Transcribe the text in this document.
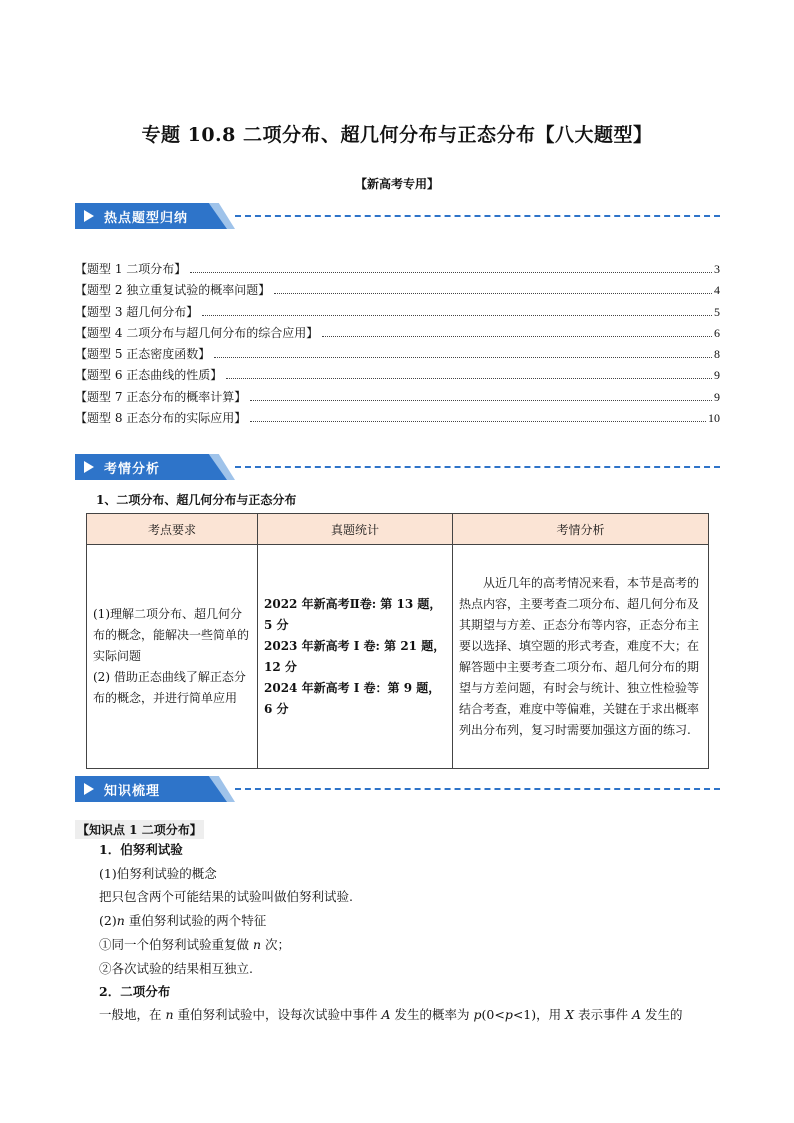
专题 10.8 二项分布、超几何分布与正态分布【八大题型】
【新高考专用】
热点题型归纳
【题型 1 二项分布】	3
【题型 2 独立重复试验的概率问题】	4
【题型 3 超几何分布】	5
【题型 4 二项分布与超几何分布的综合应用】	6
【题型 5 正态密度函数】	8
【题型 6 正态曲线的性质】	9
【题型 7 正态分布的概率计算】	9
【题型 8 正态分布的实际应用】	10
考情分析
1、二项分布、超几何分布与正态分布
考点要求	真题统计	考情分析

(1)理解二项分布、超几何分布的概念，能解决一些简单的实际问题
(2) 借助正态曲线了解正态分布的概念，并进行简单应用	2022 年新高考Ⅱ卷: 第 13 题，5 分
2023 年新高考 I 卷: 第 21 题，12 分
2024 年新高考 I 卷：第 9 题，6 分	从近几年的高考情况来看，本节是高考的热点内容，主要考查二项分布、超几何分布及其期望与方差、正态分布等内容，正态分布主要以选择、填空题的形式考查，难度不大；在解答题中主要考查二项分布、超几何分布的期望与方差问题，有时会与统计、独立性检验等结合考查，难度中等偏难，关键在于求出概率列出分布列，复习时需要加强这方面的练习.
知识梳理
【知识点 1 二项分布】
1．伯努利试验
(1)伯努利试验的概念
把只包含两个可能结果的试验叫做伯努利试验.
(2)n 重伯努利试验的两个特征
①同一个伯努利试验重复做 n 次；
②各次试验的结果相互独立.
2．二项分布
一般地，在 n 重伯努利试验中，设每次试验中事件 A 发生的概率为 p(0<p<1)，用 X 表示事件 A 发生的
